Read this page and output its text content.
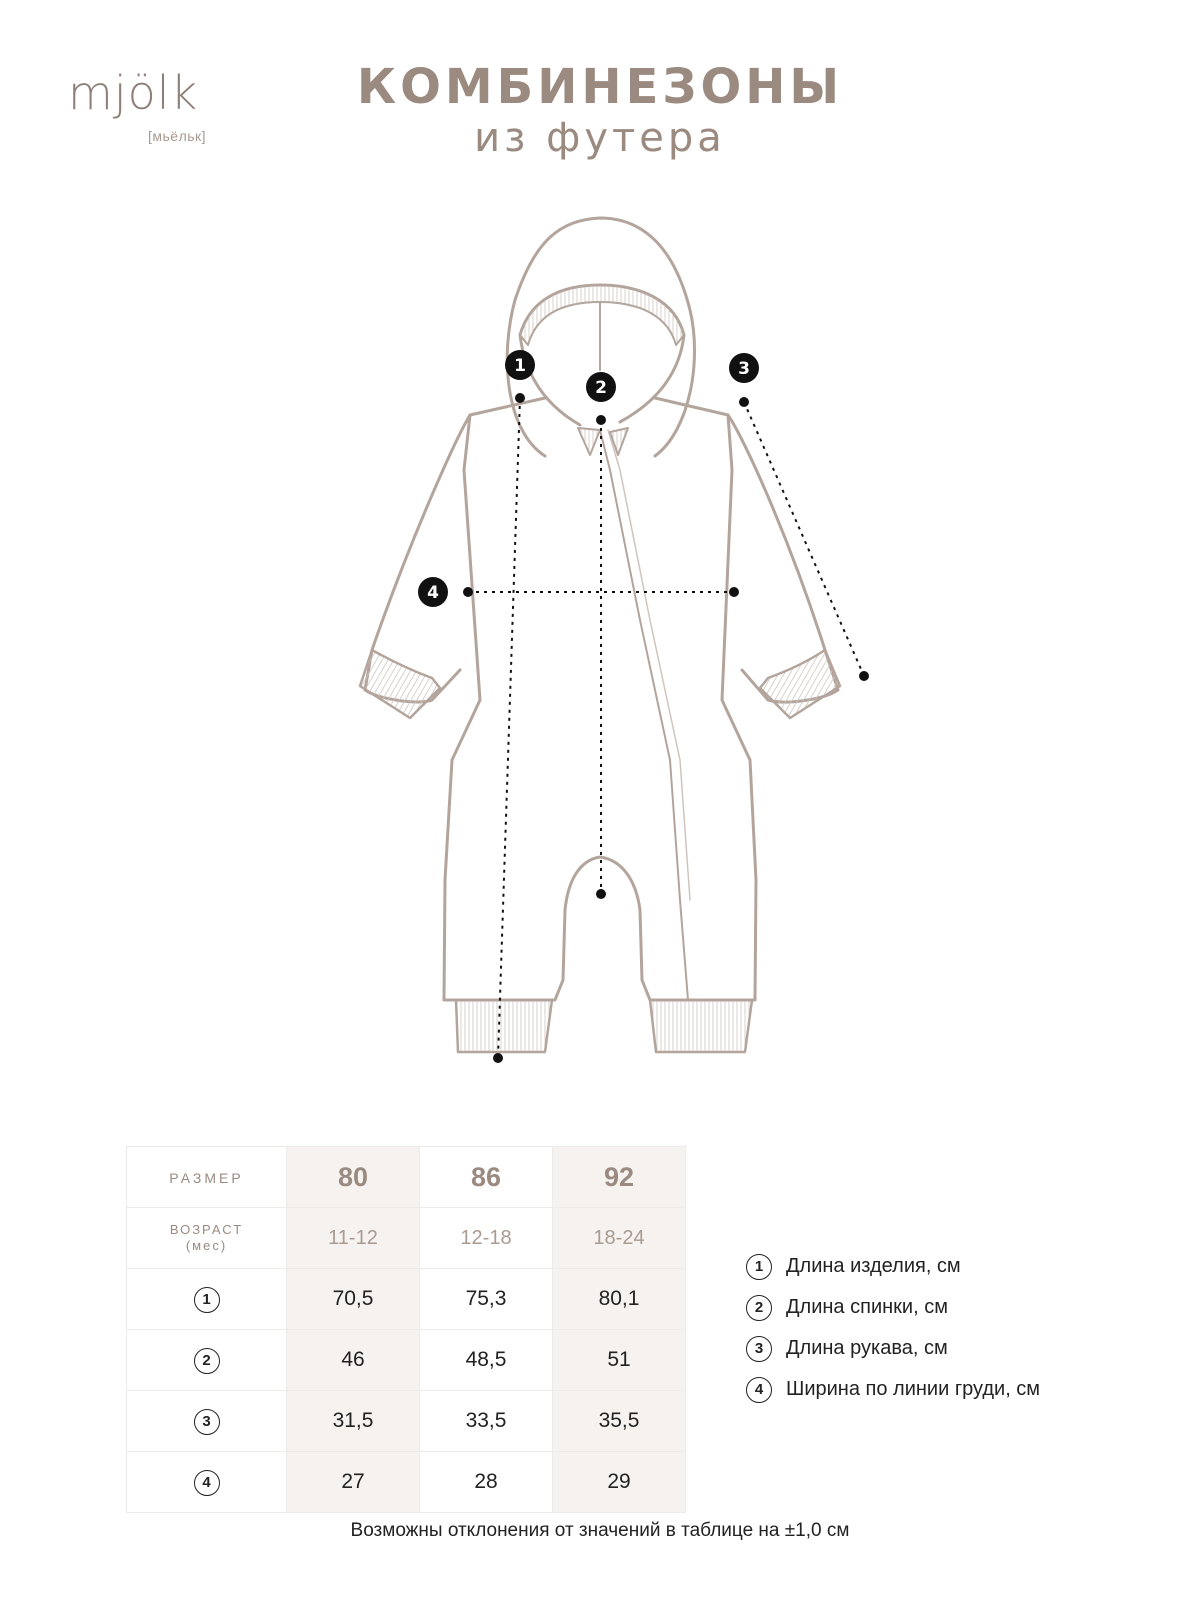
mjölk
[мьёльк]
КОМБИНЕЗОНЫ
из футера
1
2
3
4
РАЗМЕР	80	86	92

ВОЗРАСТ
(мес)	11-12	12-18	18-24
1	70,5	75,3	80,1
2	46	48,5	51
3	31,5	33,5	35,5
4	27	28	29
1	Длина изделия, см
2	Длина спинки, см
3	Длина рукава, см
4	Ширина по линии груди, см
Возможны отклонения от значений в таблице на ±1,0 см
